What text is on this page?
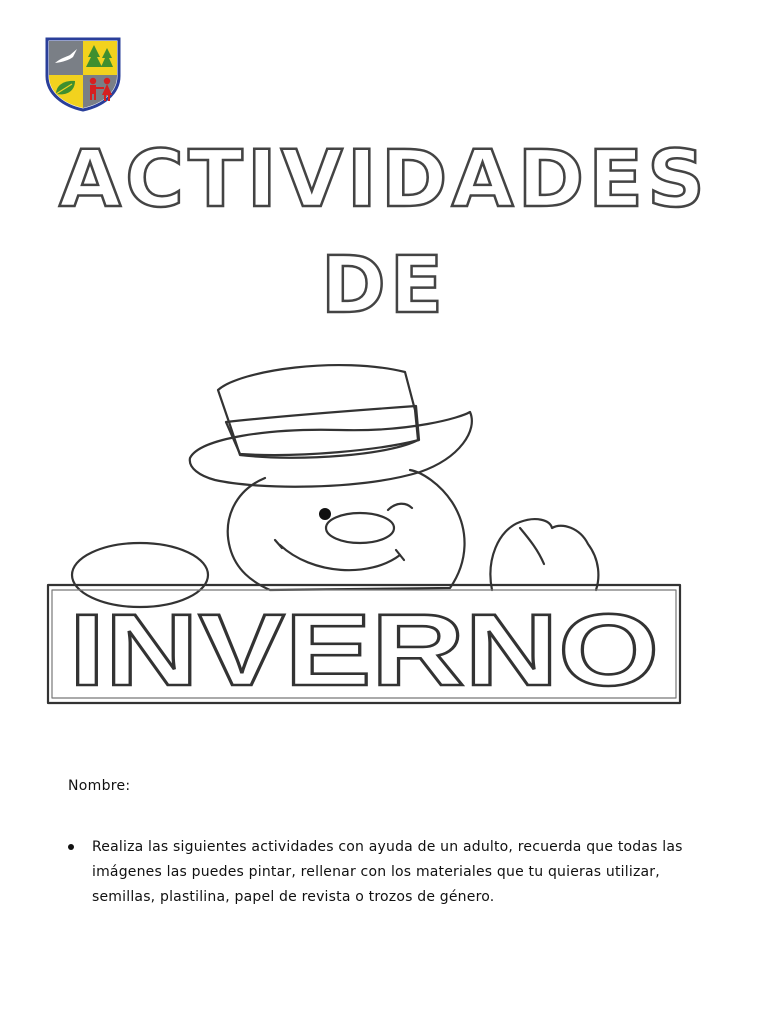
ACTIVIDADES
DE
INVERNO
Nombre:
Realiza las siguientes actividades con ayuda de un adulto, recuerda que todas las imágenes las puedes pintar, rellenar con los materiales que tu quieras utilizar, semillas, plastilina, papel de revista o trozos de género.
